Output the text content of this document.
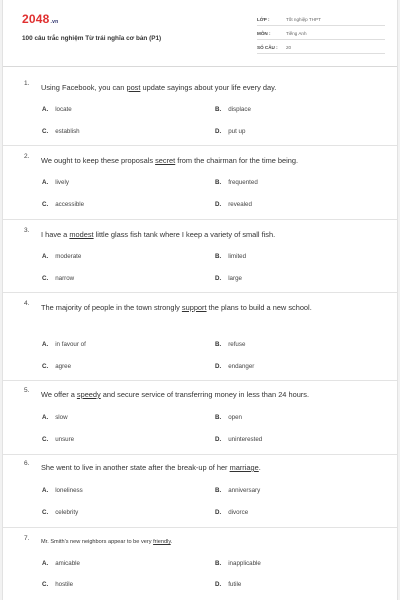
2048.vn
100 câu trắc nghiệm Từ trái nghĩa cơ bản (P1)
LỚP :	Tốt nghiệp THPT
MÔN :	Tiếng Anh
SỐ CÂU : 20
1. Using Facebook, you can post update sayings about your life every day.
A. locate	B. displace
C. establish	D. put up
2. We ought to keep these proposals secret from the chairman for the time being.
A. lively	B. frequented
C. accessible	D. revealed
3. I have a modest little glass fish tank where I keep a variety of small fish.
A. moderate	B. limited
C. narrow	D. large
4. The majority of people in the town strongly support the plans to build a new school.
A. in favour of	B. refuse
C. agree	D. endanger
5. We offer a speedy and secure service of transferring money in less than 24 hours.
A. slow	B. open
C. unsure	D. uninterested
6. She went to live in another state after the break-up of her marriage.
A. loneliness	B. anniversary
C. celebrity	D. divorce
7. Mr. Smith's new neighbors appear to be very friendly.
A. amicable	B. inapplicable
C. hostile	D. futile
